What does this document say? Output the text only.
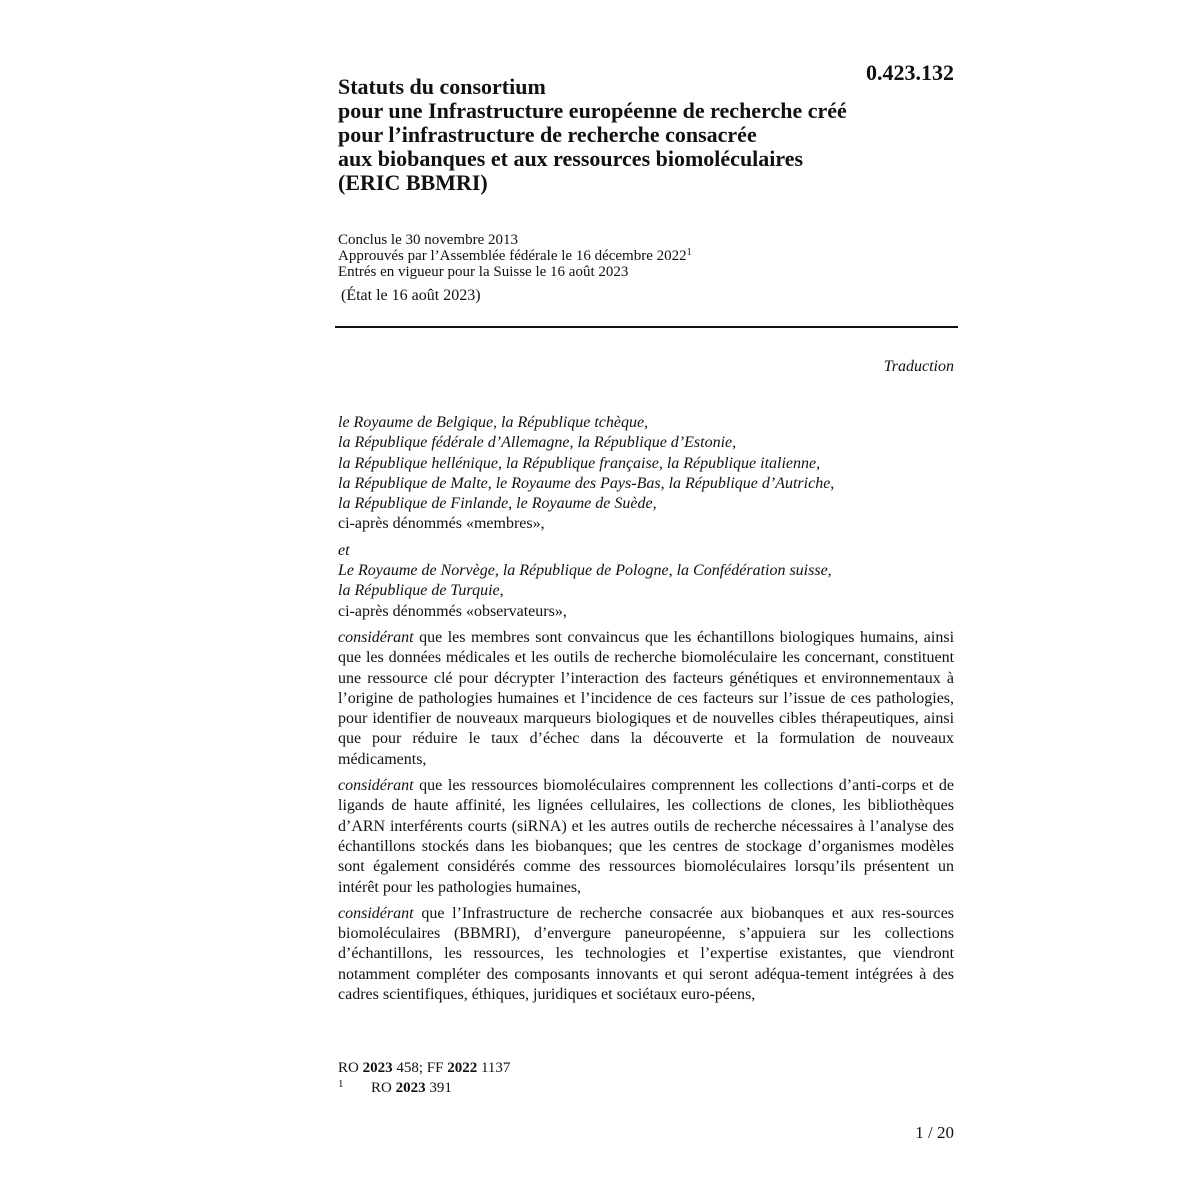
0.423.132
Statuts du consortium
pour une Infrastructure européenne de recherche créé
pour l’infrastructure de recherche consacrée
aux biobanques et aux ressources biomoléculaires
(ERIC BBMRI)
Conclus le 30 novembre 2013
Approuvés par l’Assemblée fédérale le 16 décembre 2022$^1$
Entrés en vigueur pour la Suisse le 16 août 2023
(État le 16 août 2023)
Traduction
le Royaume de Belgique, la République tchèque,
la République fédérale d’Allemagne, la République d’Estonie,
la République hellénique, la République française, la République italienne,
la République de Malte, le Royaume des Pays-Bas, la République d’Autriche,
la République de Finlande, le Royaume de Suède,
ci-après dénommés «membres»,
et
Le Royaume de Norvège, la République de Pologne, la Confédération suisse,
la République de Turquie,
ci-après dénommés «observateurs»,

considérant que les membres sont convaincus que les échantillons biologiques humains, ainsi que les données médicales et les outils de recherche biomoléculaire les concernant, constituent une ressource clé pour décrypter l’interaction des facteurs génétiques et environnementaux à l’origine de pathologies humaines et l’incidence de ces facteurs sur l’issue de ces pathologies, pour identifier de nouveaux marqueurs biologiques et de nouvelles cibles thérapeutiques, ainsi que pour réduire le taux d’échec dans la découverte et la formulation de nouveaux médicaments,

considérant que les ressources biomoléculaires comprennent les collections d’anti-corps et de ligands de haute affinité, les lignées cellulaires, les collections de clones, les bibliothèques d’ARN interférents courts (siRNA) et les autres outils de recherche nécessaires à l’analyse des échantillons stockés dans les biobanques; que les centres de stockage d’organismes modèles sont également considérés comme des ressources biomoléculaires lorsqu’ils présentent un intérêt pour les pathologies humaines,

considérant que l’Infrastructure de recherche consacrée aux biobanques et aux res-sources biomoléculaires (BBMRI), d’envergure paneuropéenne, s’appuiera sur les collections d’échantillons, les ressources, les technologies et l’expertise existantes, que viendront notamment compléter des composants innovants et qui seront adéqua-tement intégrées à des cadres scientifiques, éthiques, juridiques et sociétaux euro-péens,

RO 2023 458; FF 2022 1137
1 RO 2023 391
1 / 20
